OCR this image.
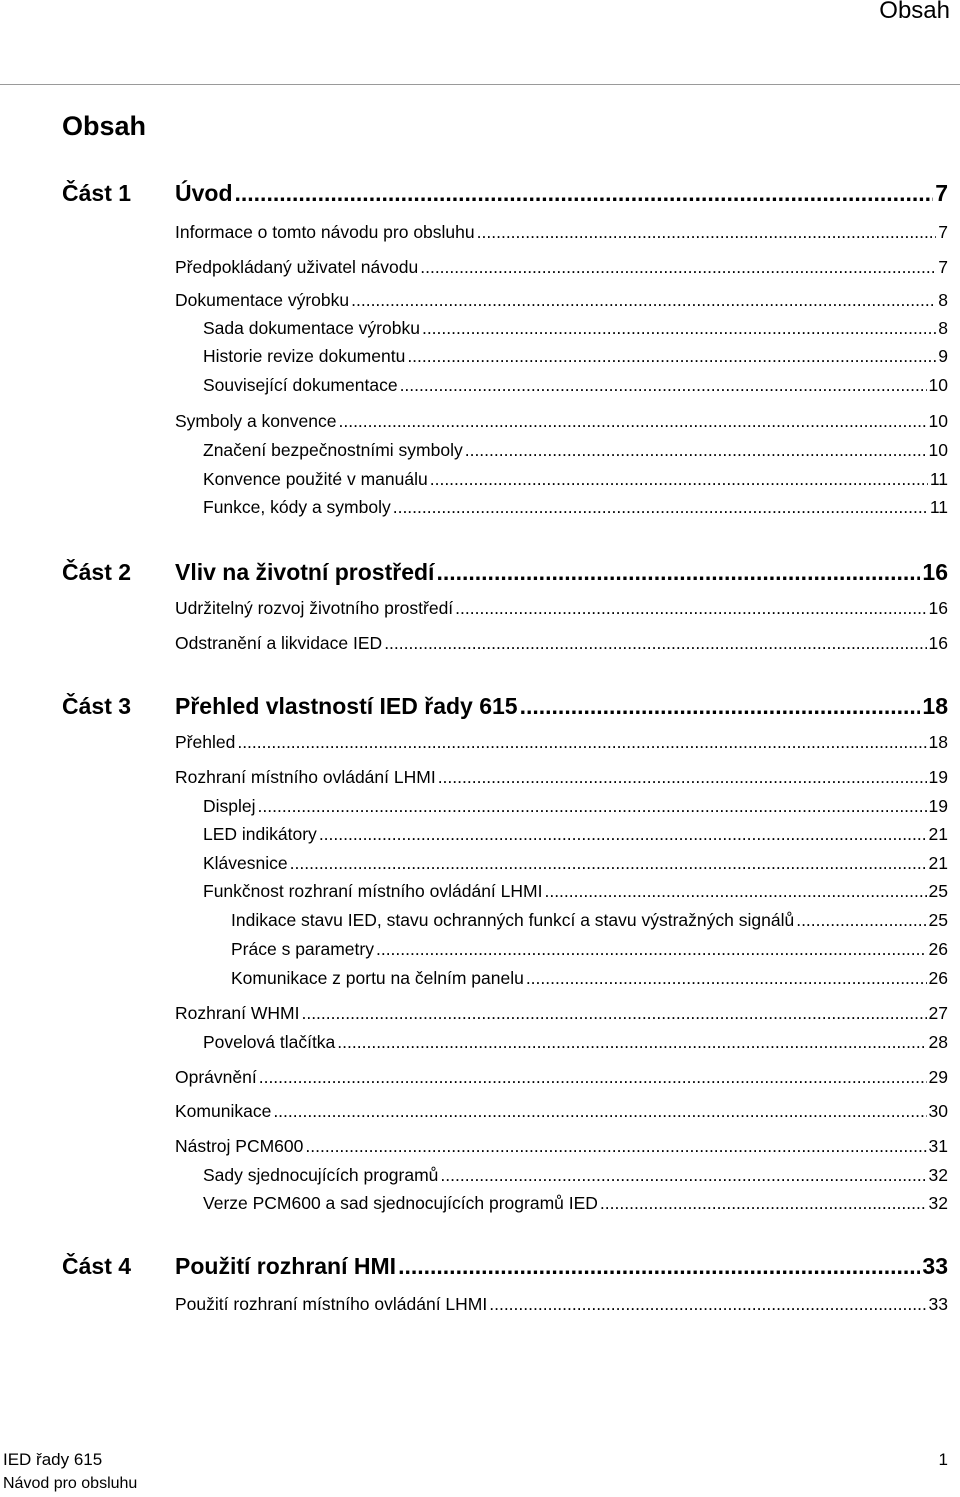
Obsah
Obsah
Část 1 Úvod .....	7
Informace o tomto návodu pro obsluhu .....	7
Předpokládaný uživatel návodu .....	7
Dokumentace výrobku .....	8
Sada dokumentace výrobku .....	8
Historie revize dokumentu .....	9
Související dokumentace .....	10
Symboly a konvence .....	10
Značení bezpečnostními symboly .....	10
Konvence použité v manuálu .....	11
Funkce, kódy a symboly .....	11
Část 2 Vliv na životní prostředí .....	16
Udržitelný rozvoj životního prostředí .....	16
Odstranění a likvidace IED .....	16
Část 3 Přehled vlastností IED řady 615 .....	18
Přehled .....	18
Rozhraní místního ovládání LHMI .....	19
Displej .....	19
LED indikátory .....	21
Klávesnice .....	21
Funkčnost rozhraní místního ovládání LHMI .....	25
Indikace stavu IED, stavu ochranných funkcí a stavu výstražných signálů .....	25
Práce s parametry .....	26
Komunikace z portu na čelním panelu .....	26
Rozhraní WHMI .....	27
Povelová tlačítka .....	28
Oprávnění .....	29
Komunikace .....	30
Nástroj PCM600 .....	31
Sady sjednocujících programů .....	32
Verze PCM600 a sad sjednocujících programů IED .....	32
Část 4 Použití rozhraní HMI .....	33
Použití rozhraní místního ovládání LHMI .....	33
IED řady 615
Návod pro obsluhu
1
